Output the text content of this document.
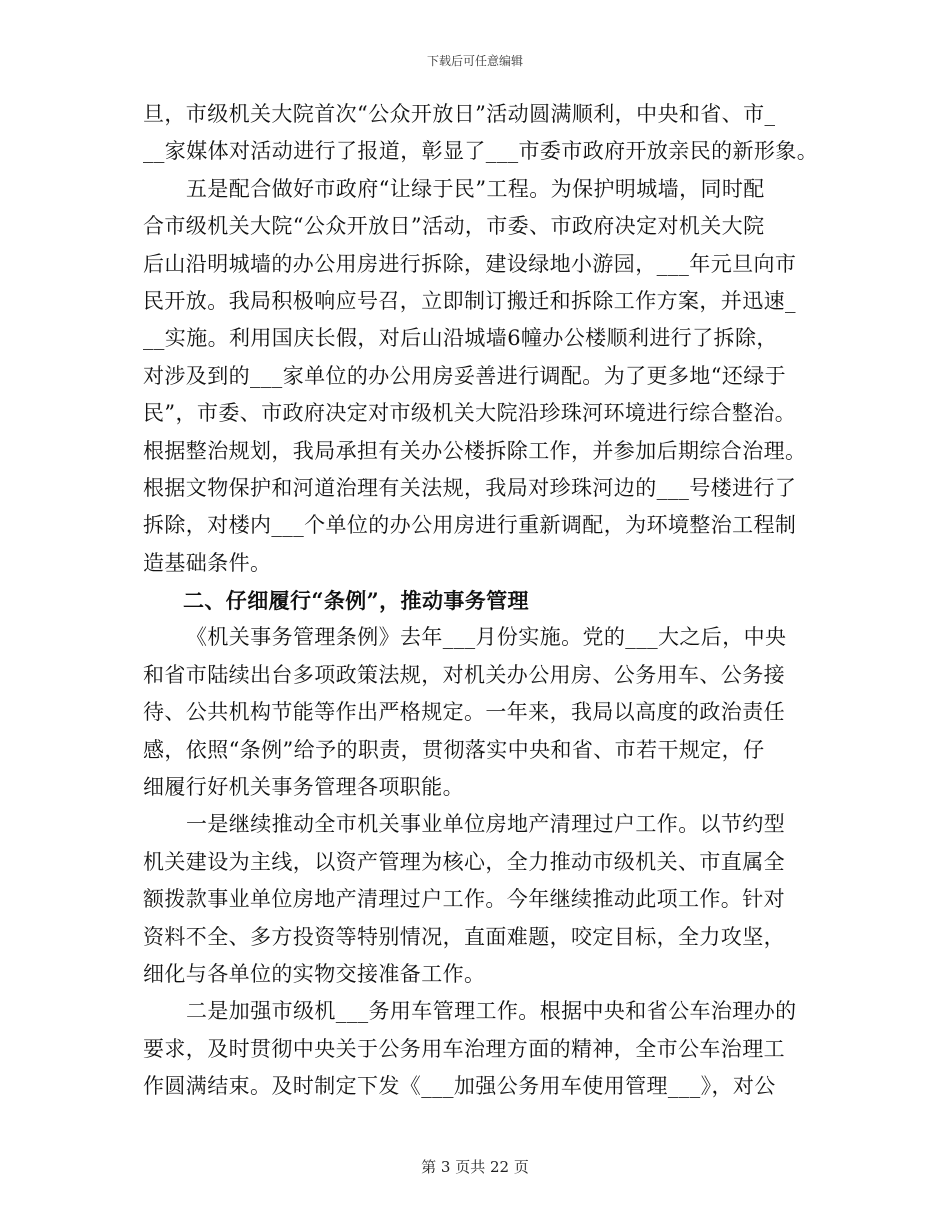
下载后可任意编辑
旦，市级机关大院首次“公众开放日”活动圆满顺利，中央和省、市_
__家媒体对活动进行了报道，彰显了___市委市政府开放亲民的新形象。
五是配合做好市政府“让绿于民”工程。为保护明城墙，同时配
合市级机关大院“公众开放日”活动，市委、市政府决定对机关大院
后山沿明城墙的办公用房进行拆除，建设绿地小游园，___年元旦向市
民开放。我局积极响应号召，立即制订搬迁和拆除工作方案，并迅速_
__实施。利用国庆长假，对后山沿城墙6幢办公楼顺利进行了拆除，
对涉及到的___家单位的办公用房妥善进行调配。为了更多地“还绿于
民”，市委、市政府决定对市级机关大院沿珍珠河环境进行综合整治。
根据整治规划，我局承担有关办公楼拆除工作，并参加后期综合治理。
根据文物保护和河道治理有关法规，我局对珍珠河边的___号楼进行了
拆除，对楼内___个单位的办公用房进行重新调配，为环境整治工程制
造基础条件。
二、仔细履行“条例”，推动事务管理
《机关事务管理条例》去年___月份实施。党的___大之后，中央
和省市陆续出台多项政策法规，对机关办公用房、公务用车、公务接
待、公共机构节能等作出严格规定。一年来，我局以高度的政治责任
感，依照“条例”给予的职责，贯彻落实中央和省、市若干规定，仔
细履行好机关事务管理各项职能。
一是继续推动全市机关事业单位房地产清理过户工作。以节约型
机关建设为主线，以资产管理为核心，全力推动市级机关、市直属全
额拨款事业单位房地产清理过户工作。今年继续推动此项工作。针对
资料不全、多方投资等特别情况，直面难题，咬定目标，全力攻坚，
细化与各单位的实物交接准备工作。
二是加强市级机___务用车管理工作。根据中央和省公车治理办的
要求，及时贯彻中央关于公务用车治理方面的精神，全市公车治理工
作圆满结束。及时制定下发《___加强公务用车使用管理___》，对公
第 3 页共 22 页
